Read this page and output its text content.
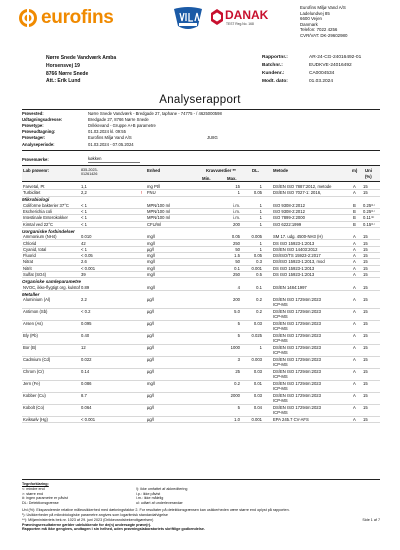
eurofins	DANAK
TEST Reg.No. 168
Eurofins Miljø Vand A/S
Ladelundvej 85
6600 Vejen
Danmark
Telefon: 7022 4256
CVR/VAT: DK-29602980
Nørre Snede Vandværk Amba
Horsensvej 19
8766 Nørre Snede
Att.: Erik Lund
Rapportnr.:	AR-24-CG-24016492-01
Batchnr.:	EUDKVE-24016492
Kundenr.:	CA0004534
Modt. dato:	01.03.2024
Analyserapport
Prøvested:	Nørre Snede Vandværk - Bredgade 27, taphane - 74775 - / 4625000598
Udtagningsadresse:	Bredgade 27, 8766 Nørre Snede
Prøvetype:	Drikkevand - Gruppe A+B parametre
Prøveudtagning:	01.03.2024 kl. 09:55
Prøvetager:	Eurofins Miljø Vand A/S	JU8G
Analyseperiode:	01.03.2024 - 07.05.2024
Prøvemærke:	køkken
Lab prøvenr:	835-2023-
01261426
Enhed	Kravværdier **
Min.	Max.
DL.	Metode	m) Uni
(%)
Farvetal, Pt	1,1	mg Pt/l	15	1	DS/EN ISO 7887:2012, metode	A 15
Turbiditet	2,2	! FNU	1	0.05	DS/EN ISO 7027-1: 2016,	A 15
Mikrobiologi
Coliforme bakterier 37°C	< 1	MPN/100 ml	i.m.	1	ISO 9308-2:2012	B 0.25⁽¹⁾
Escherichia coli	< 1	MPN/100 ml	i.m.	1	ISO 9308-2:2012	B 0.25⁽¹⁾
Intestinale Enterokokker	< 1	MPN/100 ml	i.m.	1	ISO 7899-2:2000	B 0.11⁽¹⁾
Kimtal ved 22°C	< 1	CFU/ml	200	1	ISO 6222:1999	B 0.15⁽¹⁾
Uorganiske forbindelser
Ammonium (NH4)	0.010	mg/l	0.05	0.005	SM 17. udg. 4500-NH3 (H)	A 15
Chlorid	42	mg/l	250	1	DS ISO 15923-1:2013	A 15
Cyanid, total	< 1	µg/l	50	1	DS/EN ISO 14403:2012	A 15
Fluorid	< 0.05	mg/l	1.5	0.05	DS/ISO/TS 15923-2:2017	A 15
Nitrat	2.6	mg/l	50	0.3	DS/ISO 15923-1:2013, mod	A 15
Nitrit	< 0.001	mg/l	0.1	0.001	DS ISO 15923-1:2013	A 15
Sulfat (SO4)	39	mg/l	250	0.5	DS ISO 15923-1:2013	A 15
Organiske samleparametre
NVOC, ikke-flygtigt org. kulstof 0.89	mg/l	4	0.1	DS/EN 1484:1997	A 15
Metaller
Aluminium (Al)	2.2	µg/l	200	0.2	DS/EN ISO 17294m:2023	A 15
ICP-MS
Antimon (Sb)	< 0.2	µg/l	5.0	0.2	DS/EN ISO 17294m:2023	A 15
ICP-MS
Arsen (As)	0.095	µg/l	5	0.03	DS/EN ISO 17294m:2023	A 15
ICP-MS
Bly (Pb)	0.40	µg/l	5	0.025	DS/EN ISO 17294m:2023	A 15
ICP-MS
Bor (B)	12	µg/l	1000	1	DS/EN ISO 17294m:2023	A 15
ICP-MS
Cadmium (Cd)	0.022	µg/l	3	0.003	DS/EN ISO 17294m:2023	A 15
ICP-MS
Chrom (Cr)	0.14	µg/l	25	0.03	DS/EN ISO 17294m:2023	A 15
ICP-MS
Jern (Fe)	0.086	mg/l	0.2	0.01	DS/EN ISO 17294m:2023	A 15
ICP-MS
Kobber (Cu)	8.7	µg/l	2000	0.03	DS/EN ISO 17294m:2023	A 15
ICP-MS
Kobolt (Co)	0.064	µg/l	5	0.04	DS/EN ISO 17294m:2023	A 15
ICP-MS
Kviksølv (Hg)	< 0.001	µg/l	1.0	0.001	EPA 245.7 CV-AFS	A 15
Tegnforklaring:
<: mindre end	!): ikke omfattet af akkreditering
>: større end	i.p.: ikke påvist
#: ingen parametre er påvist	i.m.: ikke målelig
DL: Detektionsgrænse	ul: udført af underleverandør
Uni (%): Ekspanderede relative måleusikkerhed med dækningsfaktor 2. For resultater på detektionsgrænsen kan usikkerheden være større end oplyst på rapporten.
¹): Usikkerheder på mikrobiologiske parametre angives som logaritmisk standardafvigelse
**): Miljøministeriets bek.nr. 1023 af 29. juni 2023 (Drikkevandsbekendtgørelsen)	Side 1 af 7
Prøvningsresultaterne gælder udelukkende for de(n) undersøgte prøve(r).
Rapporten må ikke gengives, undtagen i sin helhed, uden prøvningslaboratoriets skriftlige godkendelse.
